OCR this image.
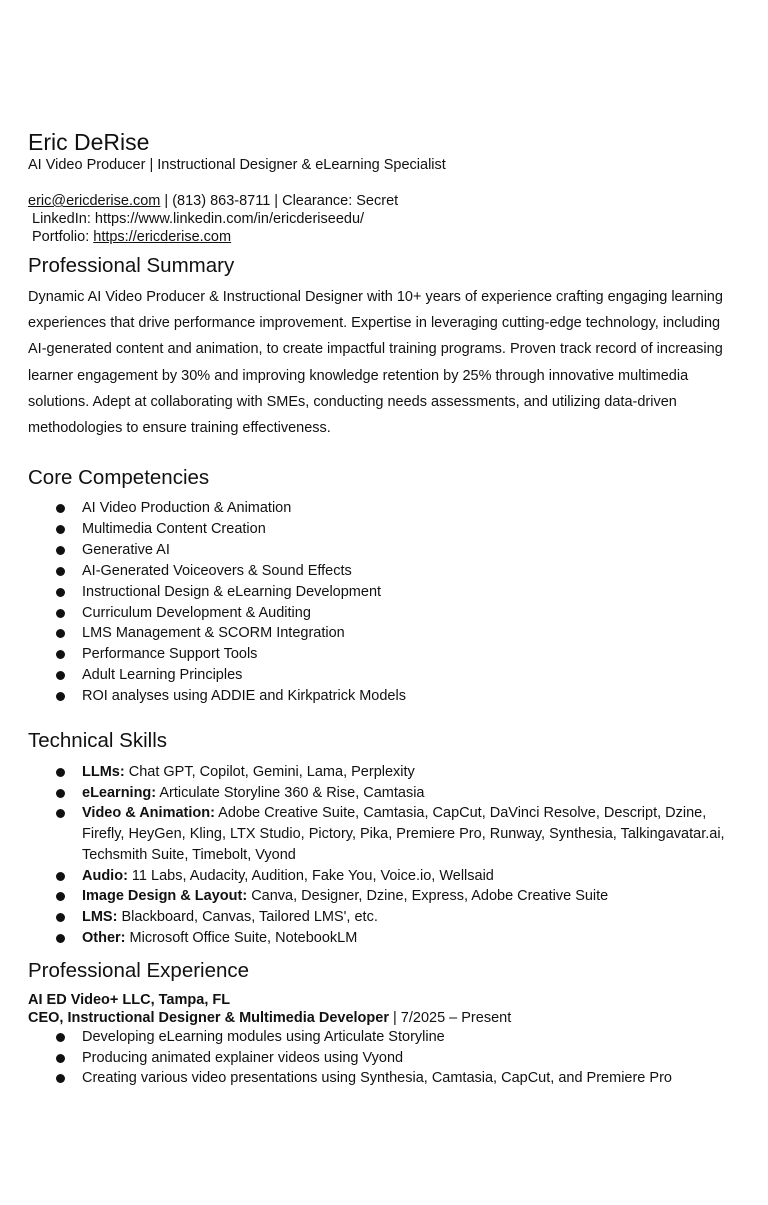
Eric DeRise
AI Video Producer | Instructional Designer & eLearning Specialist
eric@ericderise.com | (813) 863-8711 | Clearance: Secret
LinkedIn: https://www.linkedin.com/in/ericderiseedu/
Portfolio: https://ericderise.com
Professional Summary
Dynamic AI Video Producer & Instructional Designer with 10+ years of experience crafting engaging learning experiences that drive performance improvement. Expertise in leveraging cutting-edge technology, including AI-generated content and animation, to create impactful training programs. Proven track record of increasing learner engagement by 30% and improving knowledge retention by 25% through innovative multimedia solutions. Adept at collaborating with SMEs, conducting needs assessments, and utilizing data-driven methodologies to ensure training effectiveness.
Core Competencies
AI Video Production & Animation
Multimedia Content Creation
Generative AI
AI-Generated Voiceovers & Sound Effects
Instructional Design & eLearning Development
Curriculum Development & Auditing
LMS Management & SCORM Integration
Performance Support Tools
Adult Learning Principles
ROI analyses using ADDIE and Kirkpatrick Models
Technical Skills
LLMs: Chat GPT, Copilot, Gemini, Lama, Perplexity
eLearning: Articulate Storyline 360 & Rise, Camtasia
Video & Animation: Adobe Creative Suite, Camtasia, CapCut, DaVinci Resolve, Descript, Dzine, Firefly, HeyGen, Kling, LTX Studio, Pictory, Pika, Premiere Pro, Runway, Synthesia, Talkingavatar.ai, Techsmith Suite, Timebolt, Vyond
Audio: 11 Labs, Audacity, Audition, Fake You, Voice.io, Wellsaid
Image Design & Layout: Canva, Designer, Dzine, Express, Adobe Creative Suite
LMS: Blackboard, Canvas, Tailored LMS', etc.
Other: Microsoft Office Suite, NotebookLM
Professional Experience
AI ED Video+ LLC, Tampa, FL
CEO, Instructional Designer & Multimedia Developer | 7/2025 – Present
Developing eLearning modules using Articulate Storyline
Producing animated explainer videos using Vyond
Creating various video presentations using Synthesia, Camtasia, CapCut, and Premiere Pro
